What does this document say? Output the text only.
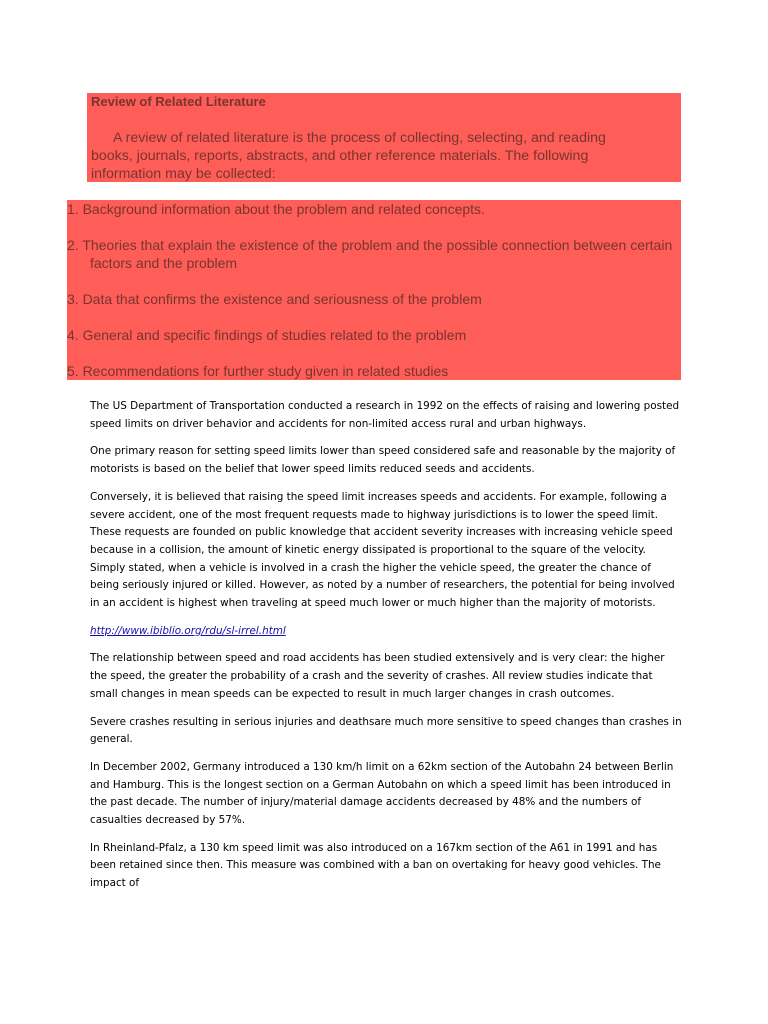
Review of Related Literature

A review of related literature is the process of collecting, selecting, and reading books, journals, reports, abstracts, and other reference materials. The following information may be collected:

1. Background information about the problem and related concepts.
2. Theories that explain the existence of the problem and the possible connection between certain factors and the problem
3. Data that confirms the existence and seriousness of the problem
4. General and specific findings of studies related to the problem
5. Recommendations for further study given in related studies

The US Department of Transportation conducted a research in 1992 on the effects of raising and lowering posted speed limits on driver behavior and accidents for non-limited access rural and urban highways.

One primary reason for setting speed limits lower than speed considered safe and reasonable by the majority of motorists is based on the belief that lower speed limits reduced seeds and accidents.

Conversely, it is believed that raising the speed limit increases speeds and accidents. For example, following a severe accident, one of the most frequent requests made to highway jurisdictions is to lower the speed limit. These requests are founded on public knowledge that accident severity increases with increasing vehicle speed because in a collision, the amount of kinetic energy dissipated is proportional to the square of the velocity. Simply stated, when a vehicle is involved in a crash the higher the vehicle speed, the greater the chance of being seriously injured or killed. However, as noted by a number of researchers, the potential for being involved in an accident is highest when traveling at speed much lower or much higher than the majority of motorists.

http://www.ibiblio.org/rdu/sl-irrel.html

The relationship between speed and road accidents has been studied extensively and is very clear: the higher the speed, the greater the probability of a crash and the severity of crashes. All review studies indicate that small changes in mean speeds can be expected to result in much larger changes in crash outcomes.

Severe crashes resulting in serious injuries and deathsare much more sensitive to speed changes than crashes in general.

In December 2002, Germany introduced a 130 km/h limit on a 62km section of the Autobahn 24 between Berlin and Hamburg. This is the longest section on a German Autobahn on which a speed limit has been introduced in the past decade. The number of injury/material damage accidents decreased by 48% and the numbers of casualties decreased by 57%.

In Rheinland-Pfalz, a 130 km speed limit was also introduced on a 167km section of the A61 in 1991 and has been retained since then. This measure was combined with a ban on overtaking for heavy good vehicles. The impact of
